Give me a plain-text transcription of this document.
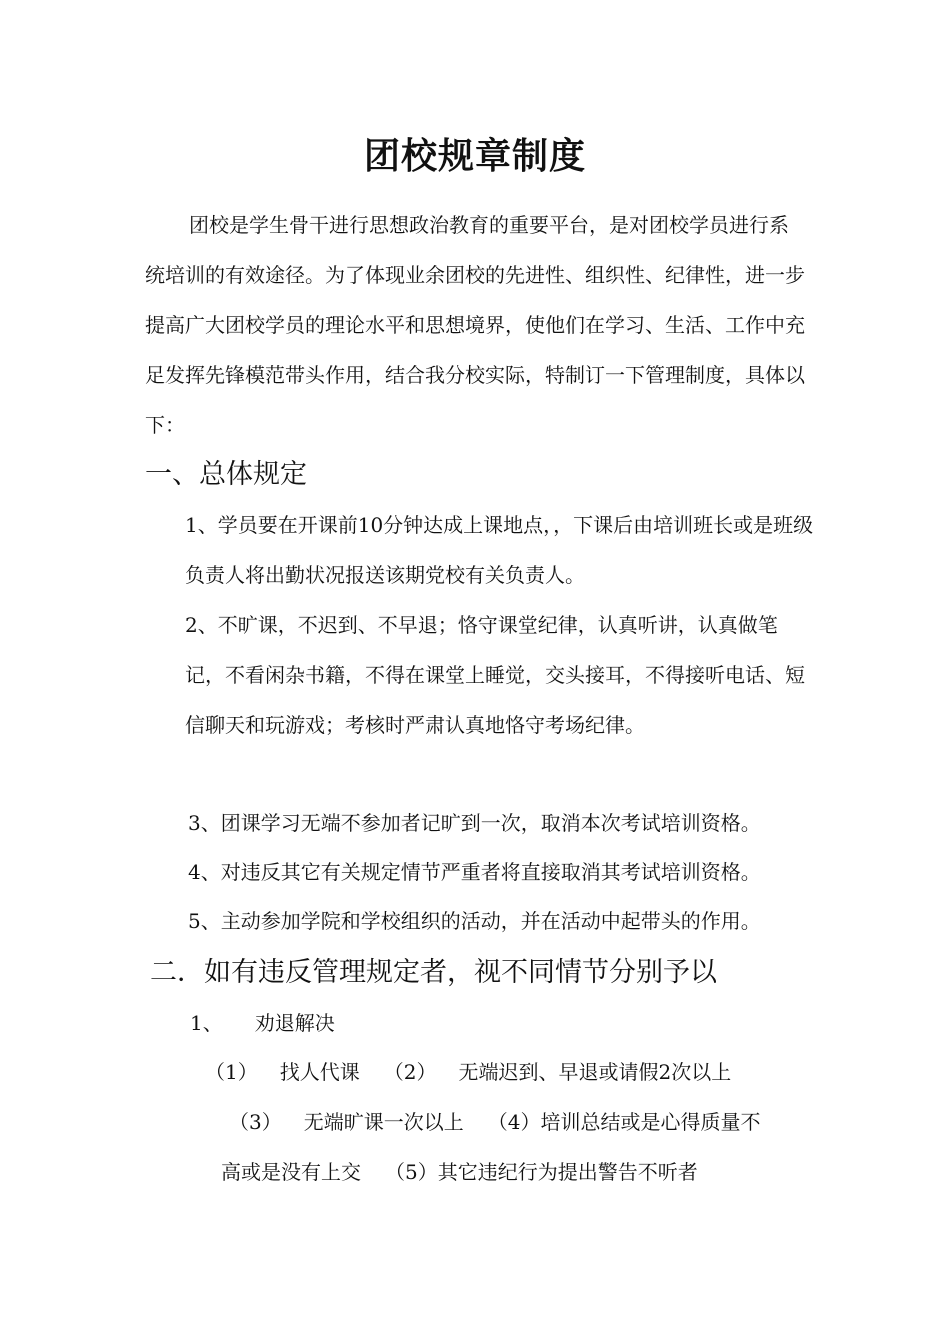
团校规章制度
团校是学生骨干进行思想政治教育的重要平台，是对团校学员进行系统培训的有效途径。为了体现业余团校的先进性、组织性、纪律性，进一步提高广大团校学员的理论水平和思想境界，使他们在学习、生活、工作中充足发挥先锋模范带头作用，结合我分校实际，特制订一下管理制度，具体以下：
一、总体规定
1、学员要在开课前10分钟达成上课地点，，下课后由培训班长或是班级负责人将出勤状况报送该期党校有关负责人。
2、不旷课，不迟到、不早退；恪守课堂纪律，认真听讲，认真做笔记，不看闲杂书籍，不得在课堂上睡觉，交头接耳，不得接听电话、短信聊天和玩游戏；考核时严肃认真地恪守考场纪律。
3、团课学习无端不参加者记旷到一次，取消本次考试培训资格。
4、对违反其它有关规定情节严重者将直接取消其考试培训资格。
5、主动参加学院和学校组织的活动，并在活动中起带头的作用。
二．如有违反管理规定者，视不同情节分别予以
1、 劝退解决
（1） 找人代课 （2） 无端迟到、早退或请假2次以上
（3） 无端旷课一次以上 （4）培训总结或是心得质量不
高或是没有上交 （5）其它违纪行为提出警告不听者
